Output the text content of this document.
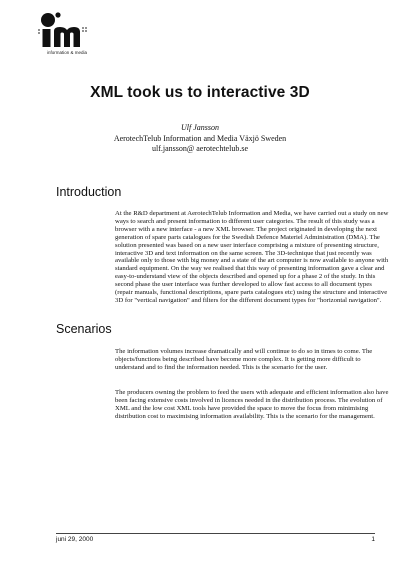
information & media
XML took us to interactive 3D
Ulf Jansson
AerotechTelub Information and Media Växjö Sweden
ulf.jansson@ aerotechtelub.se
Introduction

At the R&D department at AerotechTelub Information and Media, we have carried out a study on new ways to search and present information to different user categories. The result of this study was a browser with a new interface - a new XML browser. The project originated in developing the next generation of spare parts catalogues for the Swedish Defence Materiel Administration (DMA). The solution presented was based on a new user interface comprising a mixture of presenting structure, interactive 3D and text information on the same screen. The 3D-technique that just recently was available only to those with big money and a state of the art computer is now available to anyone with standard equipment. On the way we realised that this way of presenting information gave a clear and easy-to-understand view of the objects described and opened up for a phase 2 of the study. In this second phase the user interface was further developed to allow fast access to all document types (repair manuals, functional descriptions, spare parts catalogues etc) using the structure and interactive 3D for "vertical navigation" and filters for the different document types for "horizontal navigation".

Scenarios

The information volumes increase dramatically and will continue to do so in times to come. The objects/functions being described have become more complex. It is getting more difficult to understand and to find the information needed. This is the scenario for the user.

The producers owning the problem to feed the users with adequate and efficient information also have been facing extensive costs involved in licences needed in the distribution process. The evolution of XML and the low cost XML tools have provided the space to move the focus from minimising distribution cost to maximising information availability. This is the scenario for the management.

juni 29, 2000	1
